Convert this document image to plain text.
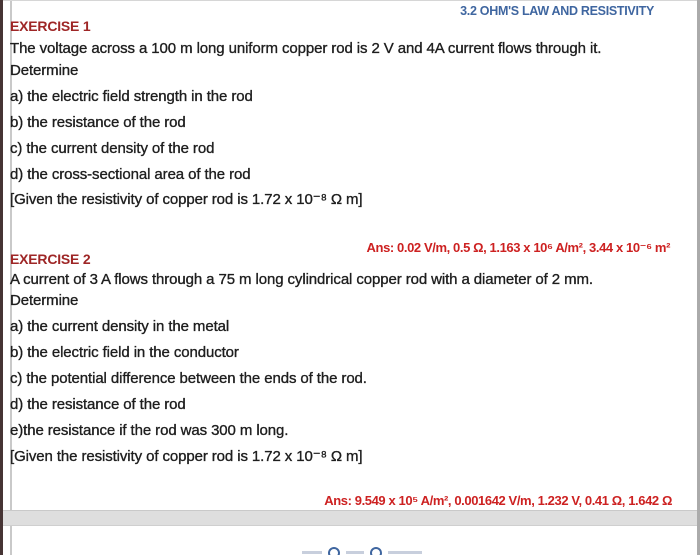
3.2 OHM'S LAW AND RESISTIVITY
EXERCISE 1
The voltage across a 100 m long uniform copper rod is 2 V and 4A current flows through it.
Determine
a) the electric field strength in the rod
b) the resistance of the rod
c) the current density of the rod
d) the cross-sectional area of the rod
[Given the resistivity of copper rod is 1.72 x 10⁻⁸ Ω m]
Ans: 0.02 V/m, 0.5 Ω, 1.163 x 10⁶ A/m², 3.44 x 10⁻⁶ m²
EXERCISE 2
A current of 3 A flows through a 75 m long cylindrical copper rod with a diameter of 2 mm.
Determine
a) the current density in the metal
b) the electric field in the conductor
c) the potential difference between the ends of the rod.
d) the resistance of the rod
e)the resistance if the rod was 300 m long.
[Given the resistivity of copper rod is 1.72 x 10⁻⁸ Ω m]
Ans: 9.549 x 10⁵ A/m², 0.001642 V/m, 1.232 V, 0.41 Ω, 1.642 Ω
